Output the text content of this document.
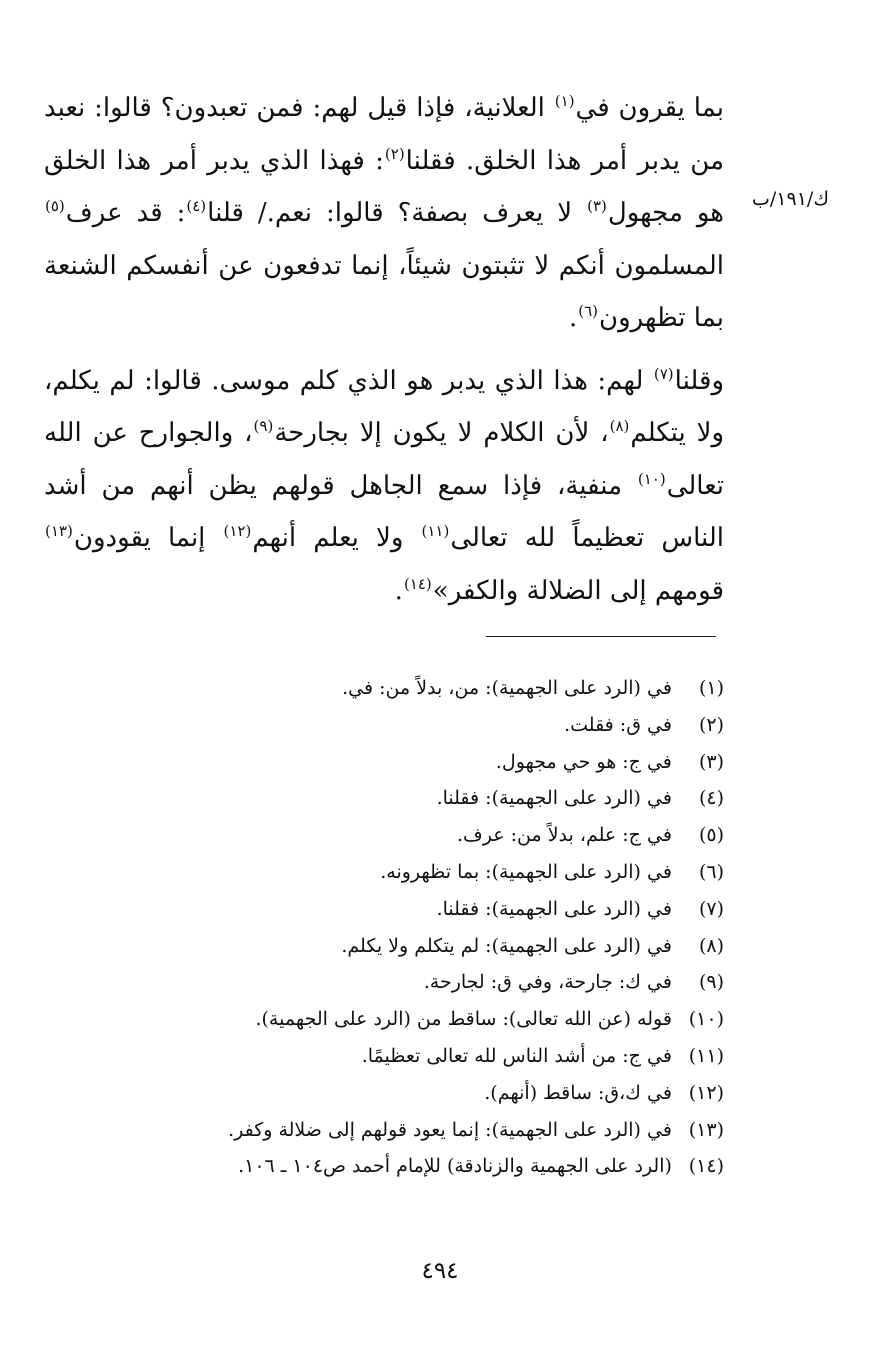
ك/١٩١/ب

بما يقرون في$^{(١)}$ العلانية، فإذا قيل لهم: فمن تعبدون؟ قالوا: نعبد من يدبر أمر هذا الخلق. فقلنا$^{(٢)}$: فهذا الذي يدبر أمر هذا الخلق هو مجهول$^{(٣)}$ لا يعرف بصفة؟ قالوا: نعم./ قلنا$^{(٤)}$: قد عرف$^{(٥)}$ المسلمون أنكم لا تثبتون شيئاً، إنما تدفعون عن أنفسكم الشنعة بما تظهرون$^{(٦)}$.

وقلنا$^{(٧)}$ لهم: هذا الذي يدبر هو الذي كلم موسى. قالوا: لم يكلم، ولا يتكلم$^{(٨)}$، لأن الكلام لا يكون إلا بجارحة$^{(٩)}$، والجوارح عن الله تعالى$^{(١٠)}$ منفية، فإذا سمع الجاهل قولهم يظن أنهم من أشد الناس تعظيماً لله تعالى$^{(١١)}$ ولا يعلم أنهم$^{(١٢)}$ إنما يقودون$^{(١٣)}$ قومهم إلى الضلالة والكفر»$^{(١٤)}$.

(١)  في (الرد على الجهمية): من، بدلاً من: في.
(٢)  في ق: فقلت.
(٣)  في ج: هو حي مجهول.
(٤)  في (الرد على الجهمية): فقلنا.
(٥)  في ج: علم، بدلاً من: عرف.
(٦)  في (الرد على الجهمية): بما تظهرونه.
(٧)  في (الرد على الجهمية): فقلنا.
(٨)  في (الرد على الجهمية): لم يتكلم ولا يكلم.
(٩)  في ك: جارحة، وفي ق: لجارحة.
(١٠)  قوله (عن الله تعالى): ساقط من (الرد على الجهمية).
(١١)  في ج: من أشد الناس لله تعالى تعظيمًا.
(١٢)  في ك،ق: ساقط (أنهم).
(١٣)  في (الرد على الجهمية): إنما يعود قولهم إلى ضلالة وكفر.
(١٤)  (الرد على الجهمية والزنادقة) للإمام أحمد ص١٠٤ ـ ١٠٦.
٤٩٤
